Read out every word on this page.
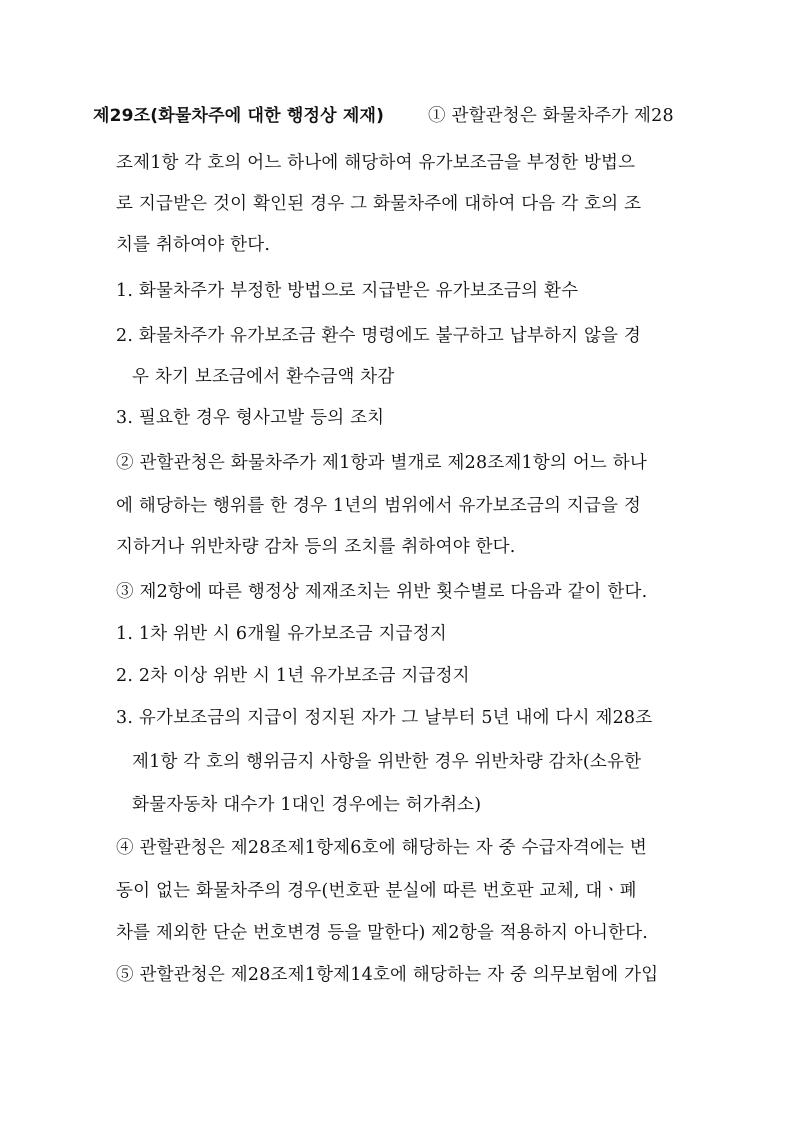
제29조(화물차주에 대한 행정상 제재)	① 관할관청은 화물차주가 제28
조제1항 각 호의 어느 하나에 해당하여 유가보조금을 부정한 방법으
로 지급받은 것이 확인된 경우 그 화물차주에 대하여 다음 각 호의 조
치를 취하여야 한다.
1. 화물차주가 부정한 방법으로 지급받은 유가보조금의 환수
2. 화물차주가 유가보조금 환수 명령에도 불구하고 납부하지 않을 경
우 차기 보조금에서 환수금액 차감
3. 필요한 경우 형사고발 등의 조치
② 관할관청은 화물차주가 제1항과 별개로 제28조제1항의 어느 하나
에 해당하는 행위를 한 경우 1년의 범위에서 유가보조금의 지급을 정
지하거나 위반차량 감차 등의 조치를 취하여야 한다.
③ 제2항에 따른 행정상 제재조치는 위반 횟수별로 다음과 같이 한다.
1. 1차 위반 시 6개월 유가보조금 지급정지
2. 2차 이상 위반 시 1년 유가보조금 지급정지
3. 유가보조금의 지급이 정지된 자가 그 날부터 5년 내에 다시 제28조
제1항 각 호의 행위금지 사항을 위반한 경우 위반차량 감차(소유한
화물자동차 대수가 1대인 경우에는 허가취소)
④ 관할관청은 제28조제1항제6호에 해당하는 자 중 수급자격에는 변
동이 없는 화물차주의 경우(번호판 분실에 따른 번호판 교체, 대ㆍ폐
차를 제외한 단순 번호변경 등을 말한다) 제2항을 적용하지 아니한다.
⑤ 관할관청은 제28조제1항제14호에 해당하는 자 중 의무보험에 가입
